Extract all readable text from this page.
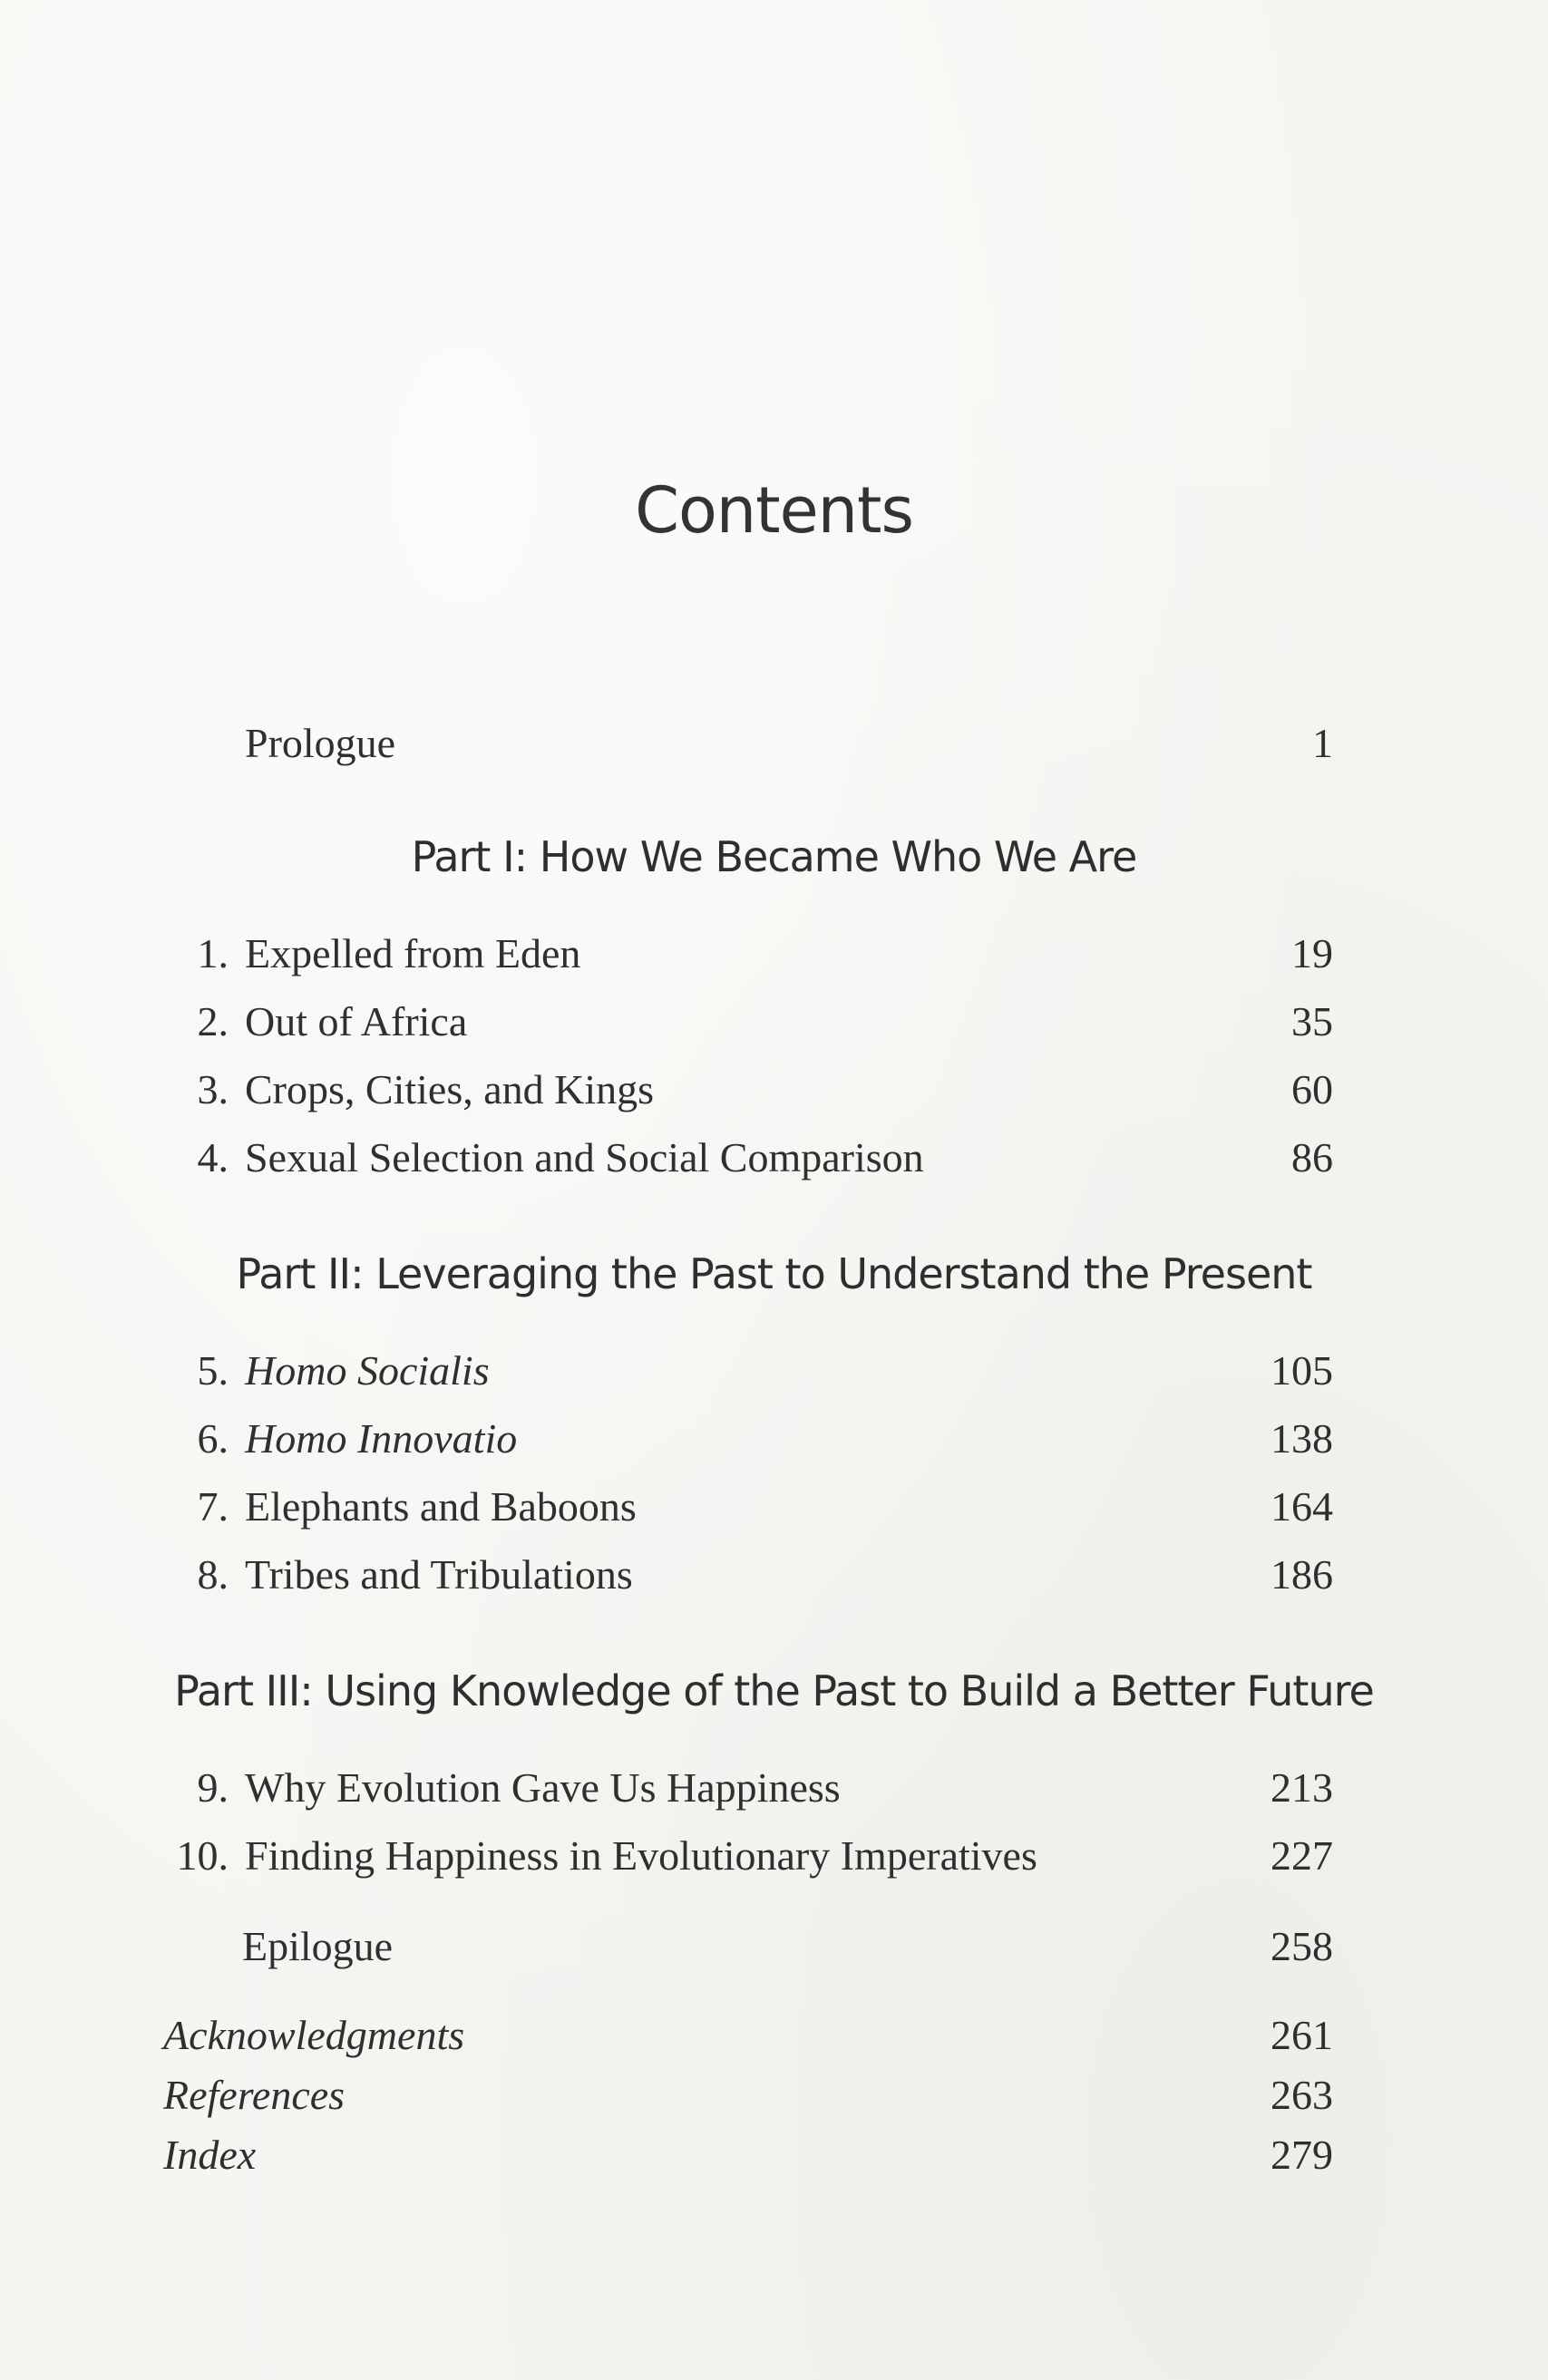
Contents
Prologue	1
Part I: How We Became Who We Are
1. Expelled from Eden	19
2. Out of Africa	35
3. Crops, Cities, and Kings	60
4. Sexual Selection and Social Comparison	86
Part II: Leveraging the Past to Understand the Present
5. Homo Socialis	105
6. Homo Innovatio	138
7. Elephants and Baboons	164
8. Tribes and Tribulations	186
Part III: Using Knowledge of the Past to Build a Better Future
9. Why Evolution Gave Us Happiness	213
10. Finding Happiness in Evolutionary Imperatives	227
Epilogue	258
Acknowledgments	261
References	263
Index	279
